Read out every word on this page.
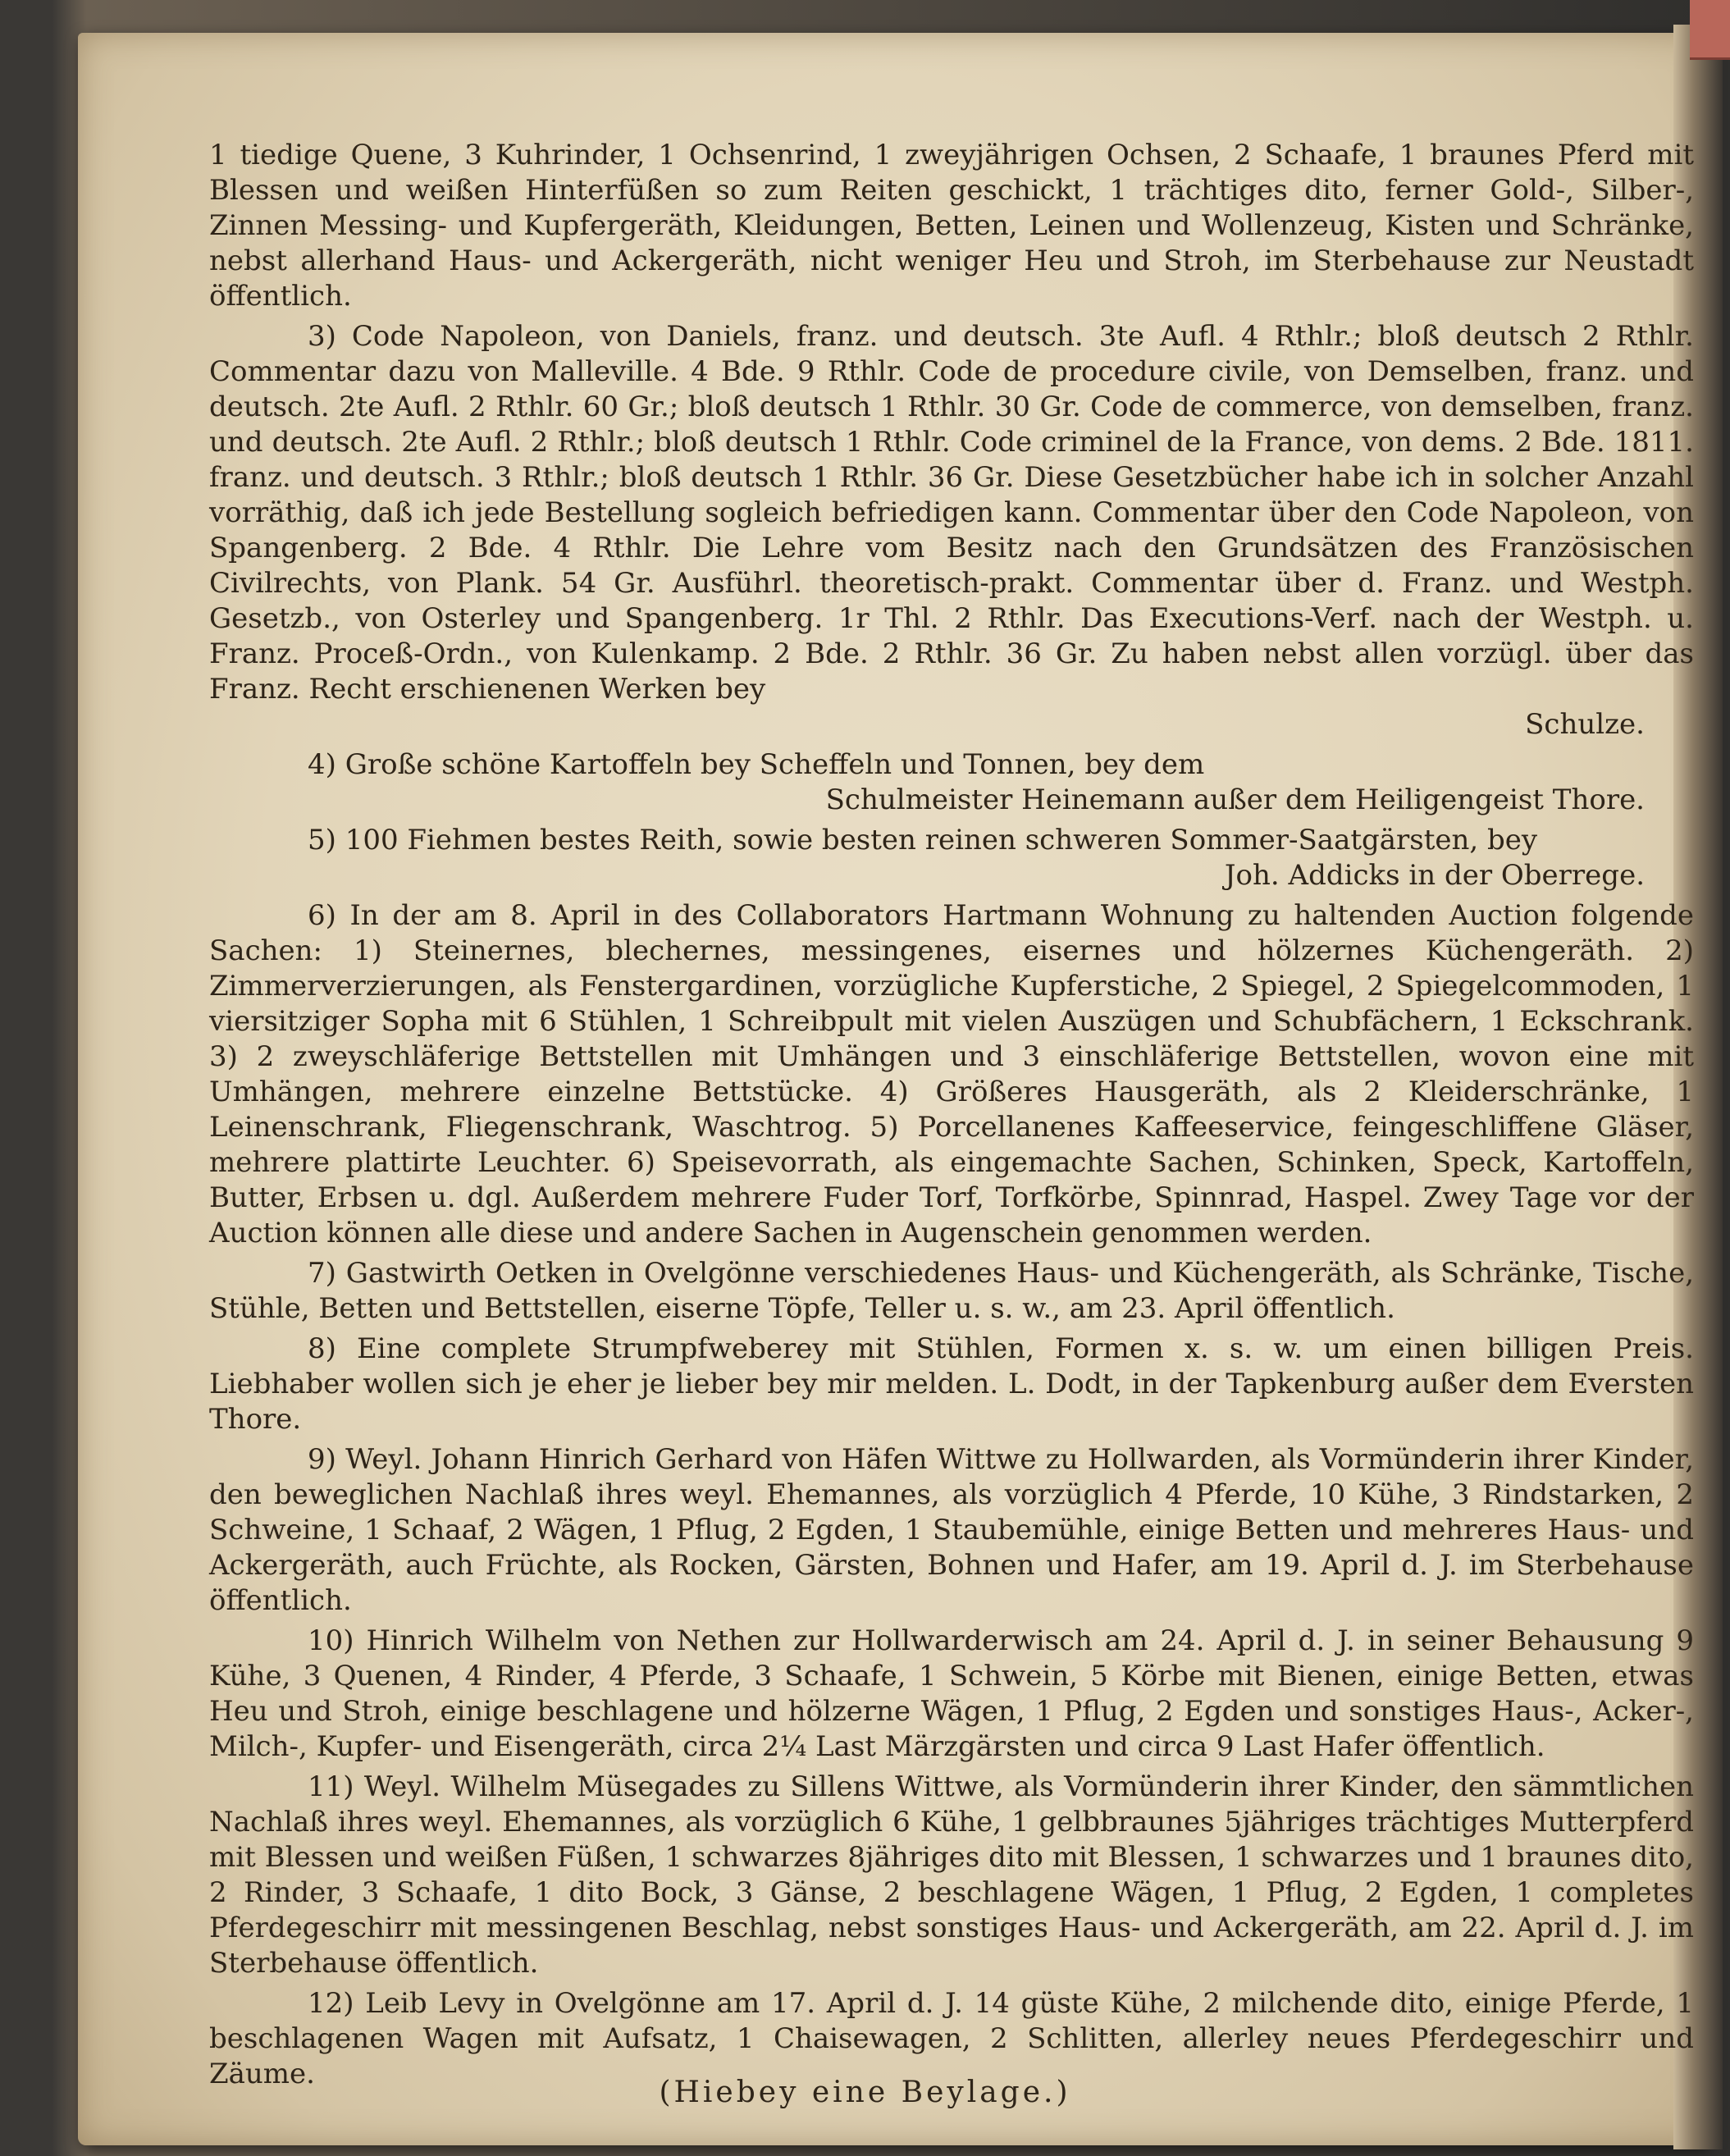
1 tiedige Quene, 3 Kuhrinder, 1 Ochsenrind, 1 zweyjährigen Ochsen, 2 Schaafe, 1 braunes Pferd mit Blessen und weißen Hinterfüßen so zum Reiten geschickt, 1 trächtiges dito, ferner Gold-, Silber-, Zinnen Messing- und Kupfergeräth, Kleidungen, Betten, Leinen und Wollenzeug, Kisten und Schränke, nebst allerhand Haus- und Ackergeräth, nicht weniger Heu und Stroh, im Sterbehause zur Neustadt öffentlich.

3) Code Napoleon, von Daniels, franz. und deutsch. 3te Aufl. 4 Rthlr.; bloß deutsch 2 Rthlr. Commentar dazu von Malleville. 4 Bde. 9 Rthlr. Code de procedure civile, von Demselben, franz. und deutsch. 2te Aufl. 2 Rthlr. 60 Gr.; bloß deutsch 1 Rthlr. 30 Gr. Code de commerce, von demselben, franz. und deutsch. 2te Aufl. 2 Rthlr.; bloß deutsch 1 Rthlr. Code criminel de la France, von dems. 2 Bde. 1811. franz. und deutsch. 3 Rthlr.; bloß deutsch 1 Rthlr. 36 Gr. Diese Gesetzbücher habe ich in solcher Anzahl vorräthig, daß ich jede Bestellung sogleich befriedigen kann. Commentar über den Code Napoleon, von Spangenberg. 2 Bde. 4 Rthlr. Die Lehre vom Besitz nach den Grundsätzen des Französischen Civilrechts, von Plank. 54 Gr. Ausführl. theoretisch-prakt. Commentar über d. Franz. und Westph. Gesetzb., von Osterley und Spangenberg. 1r Thl. 2 Rthlr. Das Executions-Verf. nach der Westph. u. Franz. Proceß-Ordn., von Kulenkamp. 2 Bde. 2 Rthlr. 36 Gr. Zu haben nebst allen vorzügl. über das Franz. Recht erschienenen Werken bey
Schulze.

4) Große schöne Kartoffeln bey Scheffeln und Tonnen, bey dem
Schulmeister Heinemann außer dem Heiligengeist Thore.

5) 100 Fiehmen bestes Reith, sowie besten reinen schweren Sommer-Saatgärsten, bey
Joh. Addicks in der Oberrege.

6) In der am 8. April in des Collaborators Hartmann Wohnung zu haltenden Auction folgende Sachen: 1) Steinernes, blechernes, messingenes, eisernes und hölzernes Küchengeräth. 2) Zimmerverzierungen, als Fenstergardinen, vorzügliche Kupferstiche, 2 Spiegel, 2 Spiegelcommoden, 1 viersitziger Sopha mit 6 Stühlen, 1 Schreibpult mit vielen Auszügen und Schubfächern, 1 Eckschrank. 3) 2 zweyschläferige Bettstellen mit Umhängen und 3 einschläferige Bettstellen, wovon eine mit Umhängen, mehrere einzelne Bettstücke. 4) Größeres Hausgeräth, als 2 Kleiderschränke, 1 Leinenschrank, Fliegenschrank, Waschtrog. 5) Porcellanenes Kaffeeservice, feingeschliffene Gläser, mehrere plattirte Leuchter. 6) Speisevorrath, als eingemachte Sachen, Schinken, Speck, Kartoffeln, Butter, Erbsen u. dgl. Außerdem mehrere Fuder Torf, Torfkörbe, Spinnrad, Haspel. Zwey Tage vor der Auction können alle diese und andere Sachen in Augenschein genommen werden.

7) Gastwirth Oetken in Ovelgönne verschiedenes Haus- und Küchengeräth, als Schränke, Tische, Stühle, Betten und Bettstellen, eiserne Töpfe, Teller u. s. w., am 23. April öffentlich.

8) Eine complete Strumpfweberey mit Stühlen, Formen x. s. w. um einen billigen Preis. Liebhaber wollen sich je eher je lieber bey mir melden. L. Dodt, in der Tapkenburg außer dem Eversten Thore.

9) Weyl. Johann Hinrich Gerhard von Häfen Wittwe zu Hollwarden, als Vormünderin ihrer Kinder, den beweglichen Nachlaß ihres weyl. Ehemannes, als vorzüglich 4 Pferde, 10 Kühe, 3 Rindstarken, 2 Schweine, 1 Schaaf, 2 Wägen, 1 Pflug, 2 Egden, 1 Staubemühle, einige Betten und mehreres Haus- und Ackergeräth, auch Früchte, als Rocken, Gärsten, Bohnen und Hafer, am 19. April d. J. im Sterbehause öffentlich.

10) Hinrich Wilhelm von Nethen zur Hollwarderwisch am 24. April d. J. in seiner Behausung 9 Kühe, 3 Quenen, 4 Rinder, 4 Pferde, 3 Schaafe, 1 Schwein, 5 Körbe mit Bienen, einige Betten, etwas Heu und Stroh, einige beschlagene und hölzerne Wägen, 1 Pflug, 2 Egden und sonstiges Haus-, Acker-, Milch-, Kupfer- und Eisengeräth, circa 2¼ Last Märzgärsten und circa 9 Last Hafer öffentlich.

11) Weyl. Wilhelm Müsegades zu Sillens Wittwe, als Vormünderin ihrer Kinder, den sämmtlichen Nachlaß ihres weyl. Ehemannes, als vorzüglich 6 Kühe, 1 gelbbraunes 5jähriges trächtiges Mutterpferd mit Blessen und weißen Füßen, 1 schwarzes 8jähriges dito mit Blessen, 1 schwarzes und 1 braunes dito, 2 Rinder, 3 Schaafe, 1 dito Bock, 3 Gänse, 2 beschlagene Wägen, 1 Pflug, 2 Egden, 1 completes Pferdegeschirr mit messingenen Beschlag, nebst sonstiges Haus- und Ackergeräth, am 22. April d. J. im Sterbehause öffentlich.

12) Leib Levy in Ovelgönne am 17. April d. J. 14 güste Kühe, 2 milchende dito, einige Pferde, 1 beschlagenen Wagen mit Aufsatz, 1 Chaisewagen, 2 Schlitten, allerley neues Pferdegeschirr und Zäume.

(Hiebey eine Beylage.)
